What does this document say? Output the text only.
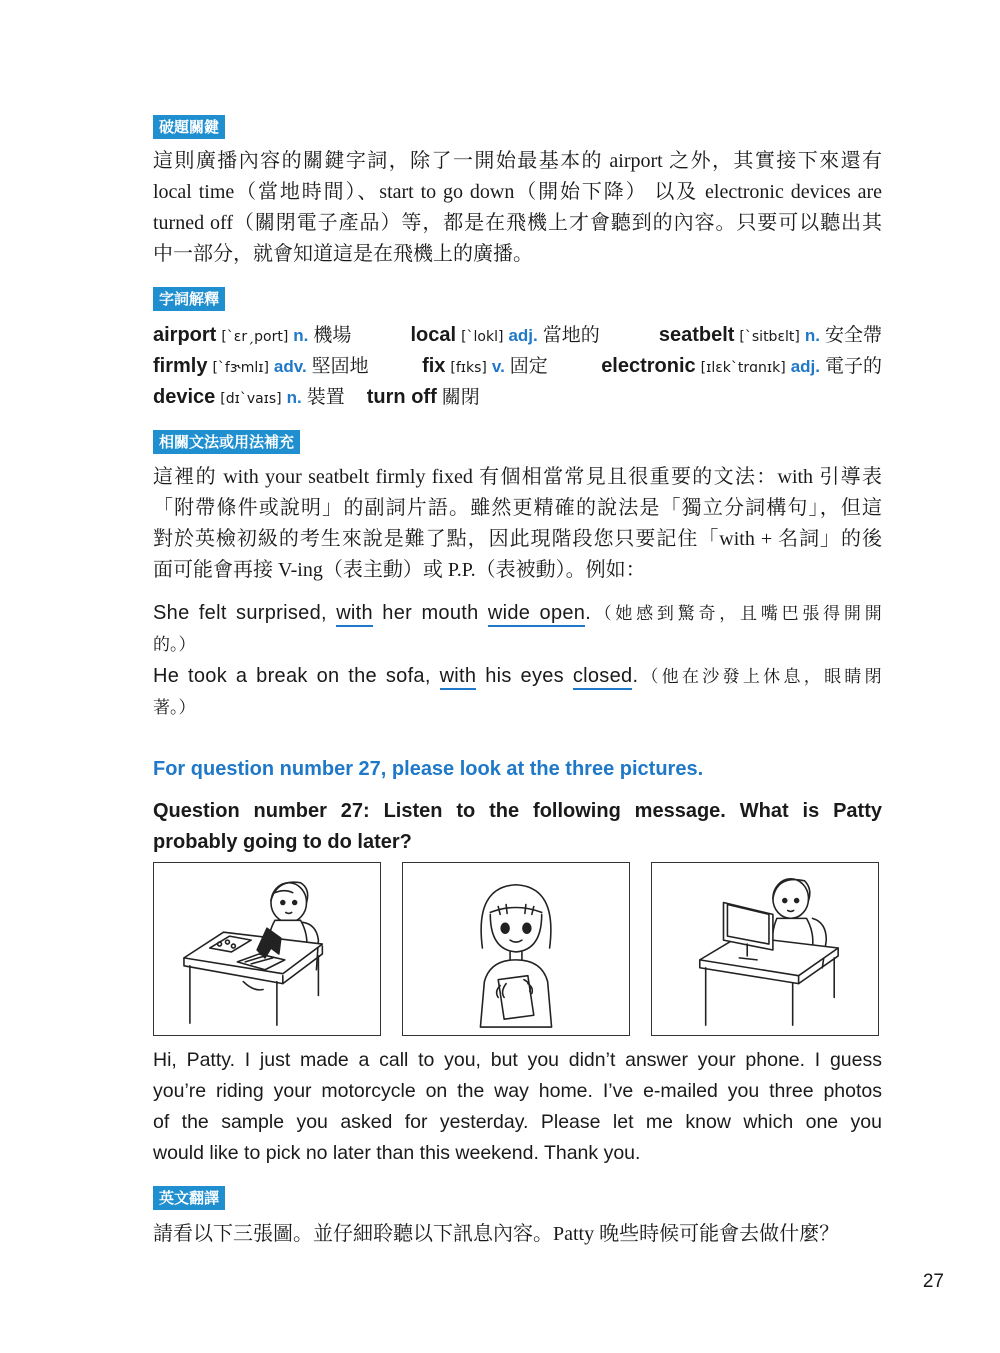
破題關鍵
這則廣播內容的關鍵字詞，除了一開始最基本的 airport 之外，其實接下來還有
local time（當地時間）、start to go down（開始下降） 以及 electronic devices are
turned off（關閉電子產品）等，都是在飛機上才會聽到的內容。只要可以聽出其
中一部分，就會知道這是在飛機上的廣播。
字詞解釋
airport [ˋɛrˏport] n. 機場	local [ˋlokl] adj. 當地的	seatbelt [ˋsitbɛlt] n. 安全帶
firmly [ˋfɝmlɪ] adv. 堅固地	fix [fɪks] v. 固定	electronic [ɪlɛkˋtrɑnɪk] adj. 電子的
device [dɪˋvaɪs] n. 裝置 turn off 關閉
相關文法或用法補充
這裡的 with your seatbelt firmly fixed 有個相當常見且很重要的文法：with 引導表
「附帶條件或說明」的副詞片語。雖然更精確的說法是「獨立分詞構句」，但這
對於英檢初級的考生來說是難了點，因此現階段您只要記住「with + 名詞」的後
面可能會再接 V-ing（表主動）或 P.P.（表被動）。例如：
She felt surprised, with her mouth wide open.（她感到驚奇，且嘴巴張得開開
的。）
He took a break on the sofa, with his eyes closed.（他在沙發上休息，眼睛閉
著。）
For question number 27, please look at the three pictures.
Question number 27: Listen to the following message. What is Patty
probably going to do later?
Hi, Patty. I just made a call to you, but you didn’t answer your phone. I guess
you’re riding your motorcycle on the way home. I’ve e-mailed you three photos
of the sample you asked for yesterday. Please let me know which one you
would like to pick no later than this weekend. Thank you.
英文翻譯
請看以下三張圖。並仔細聆聽以下訊息內容。Patty 晚些時候可能會去做什麼？
27
